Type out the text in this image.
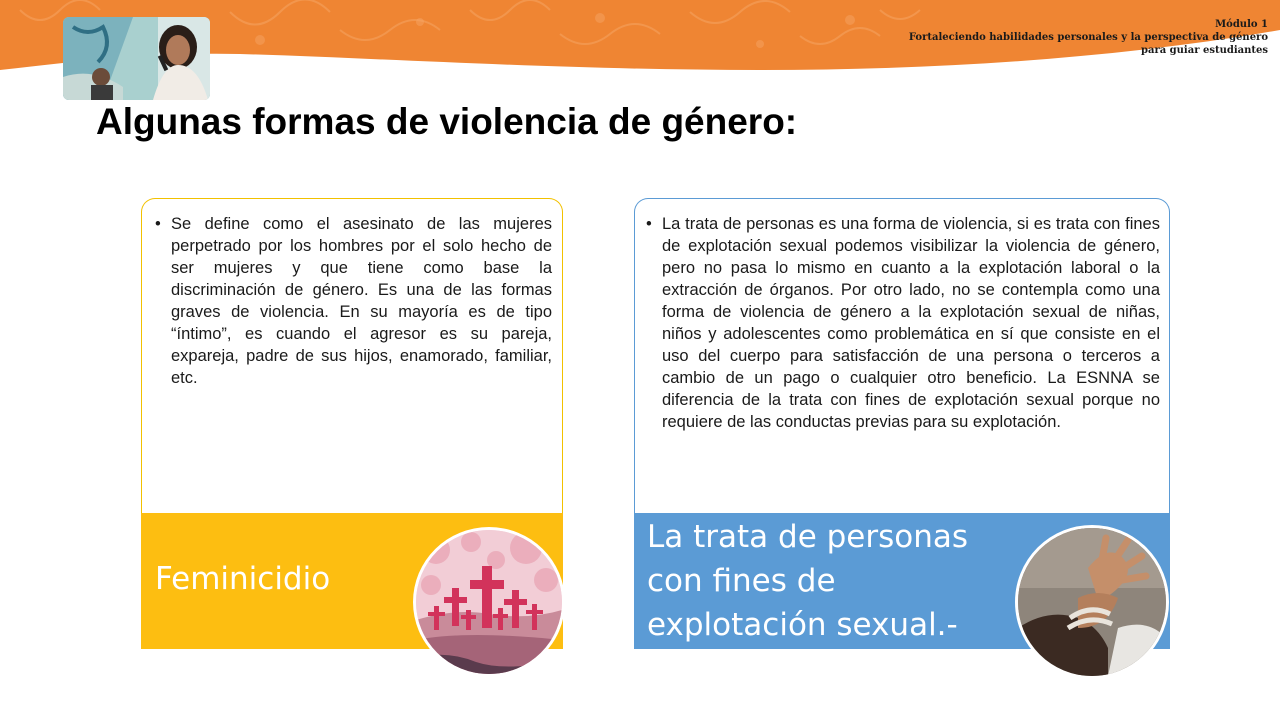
Módulo 1
Fortaleciendo habilidades personales y la perspectiva de género para guiar estudiantes
Algunas formas de violencia de género:
• Se define como el asesinato de las mujeres perpetrado por los hombres por el solo hecho de ser mujeres y que tiene como base la discriminación de género. Es una de las formas graves de violencia. En su mayoría es de tipo “íntimo”, es cuando el agresor es su pareja, expareja, padre de sus hijos, enamorado, familiar, etc.
Feminicidio
• La trata de personas es una forma de violencia, si es trata con fines de explotación sexual podemos visibilizar la violencia de género, pero no pasa lo mismo en cuanto a la explotación laboral o la extracción de órganos. Por otro lado, no se contempla como una forma de violencia de género a la explotación sexual de niñas, niños y adolescentes como problemática en sí que consiste en el uso del cuerpo para satisfacción de una persona o terceros a cambio de un pago o cualquier otro beneficio. La ESNNA se diferencia de la trata con fines de explotación sexual porque no requiere de las conductas previas para su explotación.
La trata de personas con fines de explotación sexual.-
